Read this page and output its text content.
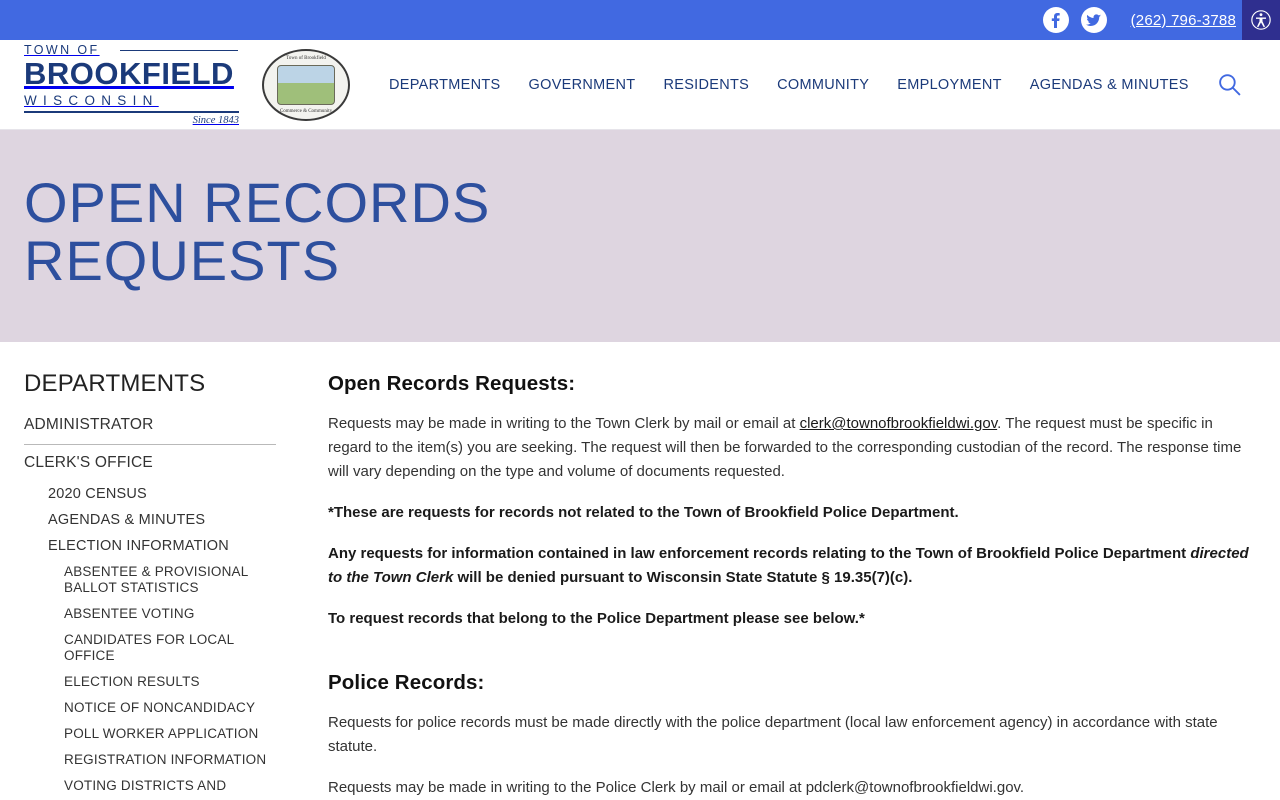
(262) 796-3788
TOWN OF
BROOKFIELD
WISCONSIN
Since 1843
Town of Brookfield
Commerce & Community
DEPARTMENTS	GOVERNMENT	RESIDENTS	COMMUNITY	EMPLOYMENT	AGENDAS & MINUTES
OPEN RECORDS
REQUESTS
DEPARTMENTS
ADMINISTRATOR
CLERK'S OFFICE
2020 CENSUS
AGENDAS & MINUTES
ELECTION INFORMATION
ABSENTEE & PROVISIONAL BALLOT STATISTICS
ABSENTEE VOTING
CANDIDATES FOR LOCAL OFFICE
ELECTION RESULTS
NOTICE OF NONCANDIDACY
POLL WORKER APPLICATION
REGISTRATION INFORMATION
VOTING DISTRICTS AND
Open Records Requests:

Requests may be made in writing to the Town Clerk by mail or email at clerk@townofbrookfieldwi.gov. The request must be specific in regard to the item(s) you are seeking. The request will then be forwarded to the corresponding custodian of the record. The response time will vary depending on the type and volume of documents requested.

*These are requests for records not related to the Town of Brookfield Police Department.

Any requests for information contained in law enforcement records relating to the Town of Brookfield Police Department directed to the Town Clerk will be denied pursuant to Wisconsin State Statute § 19.35(7)(c).

To request records that belong to the Police Department please see below.*

Police Records:

Requests for police records must be made directly with the police department (local law enforcement agency) in accordance with state statute.

Requests may be made in writing to the Police Clerk by mail or email at pdclerk@townofbrookfieldwi.gov.
